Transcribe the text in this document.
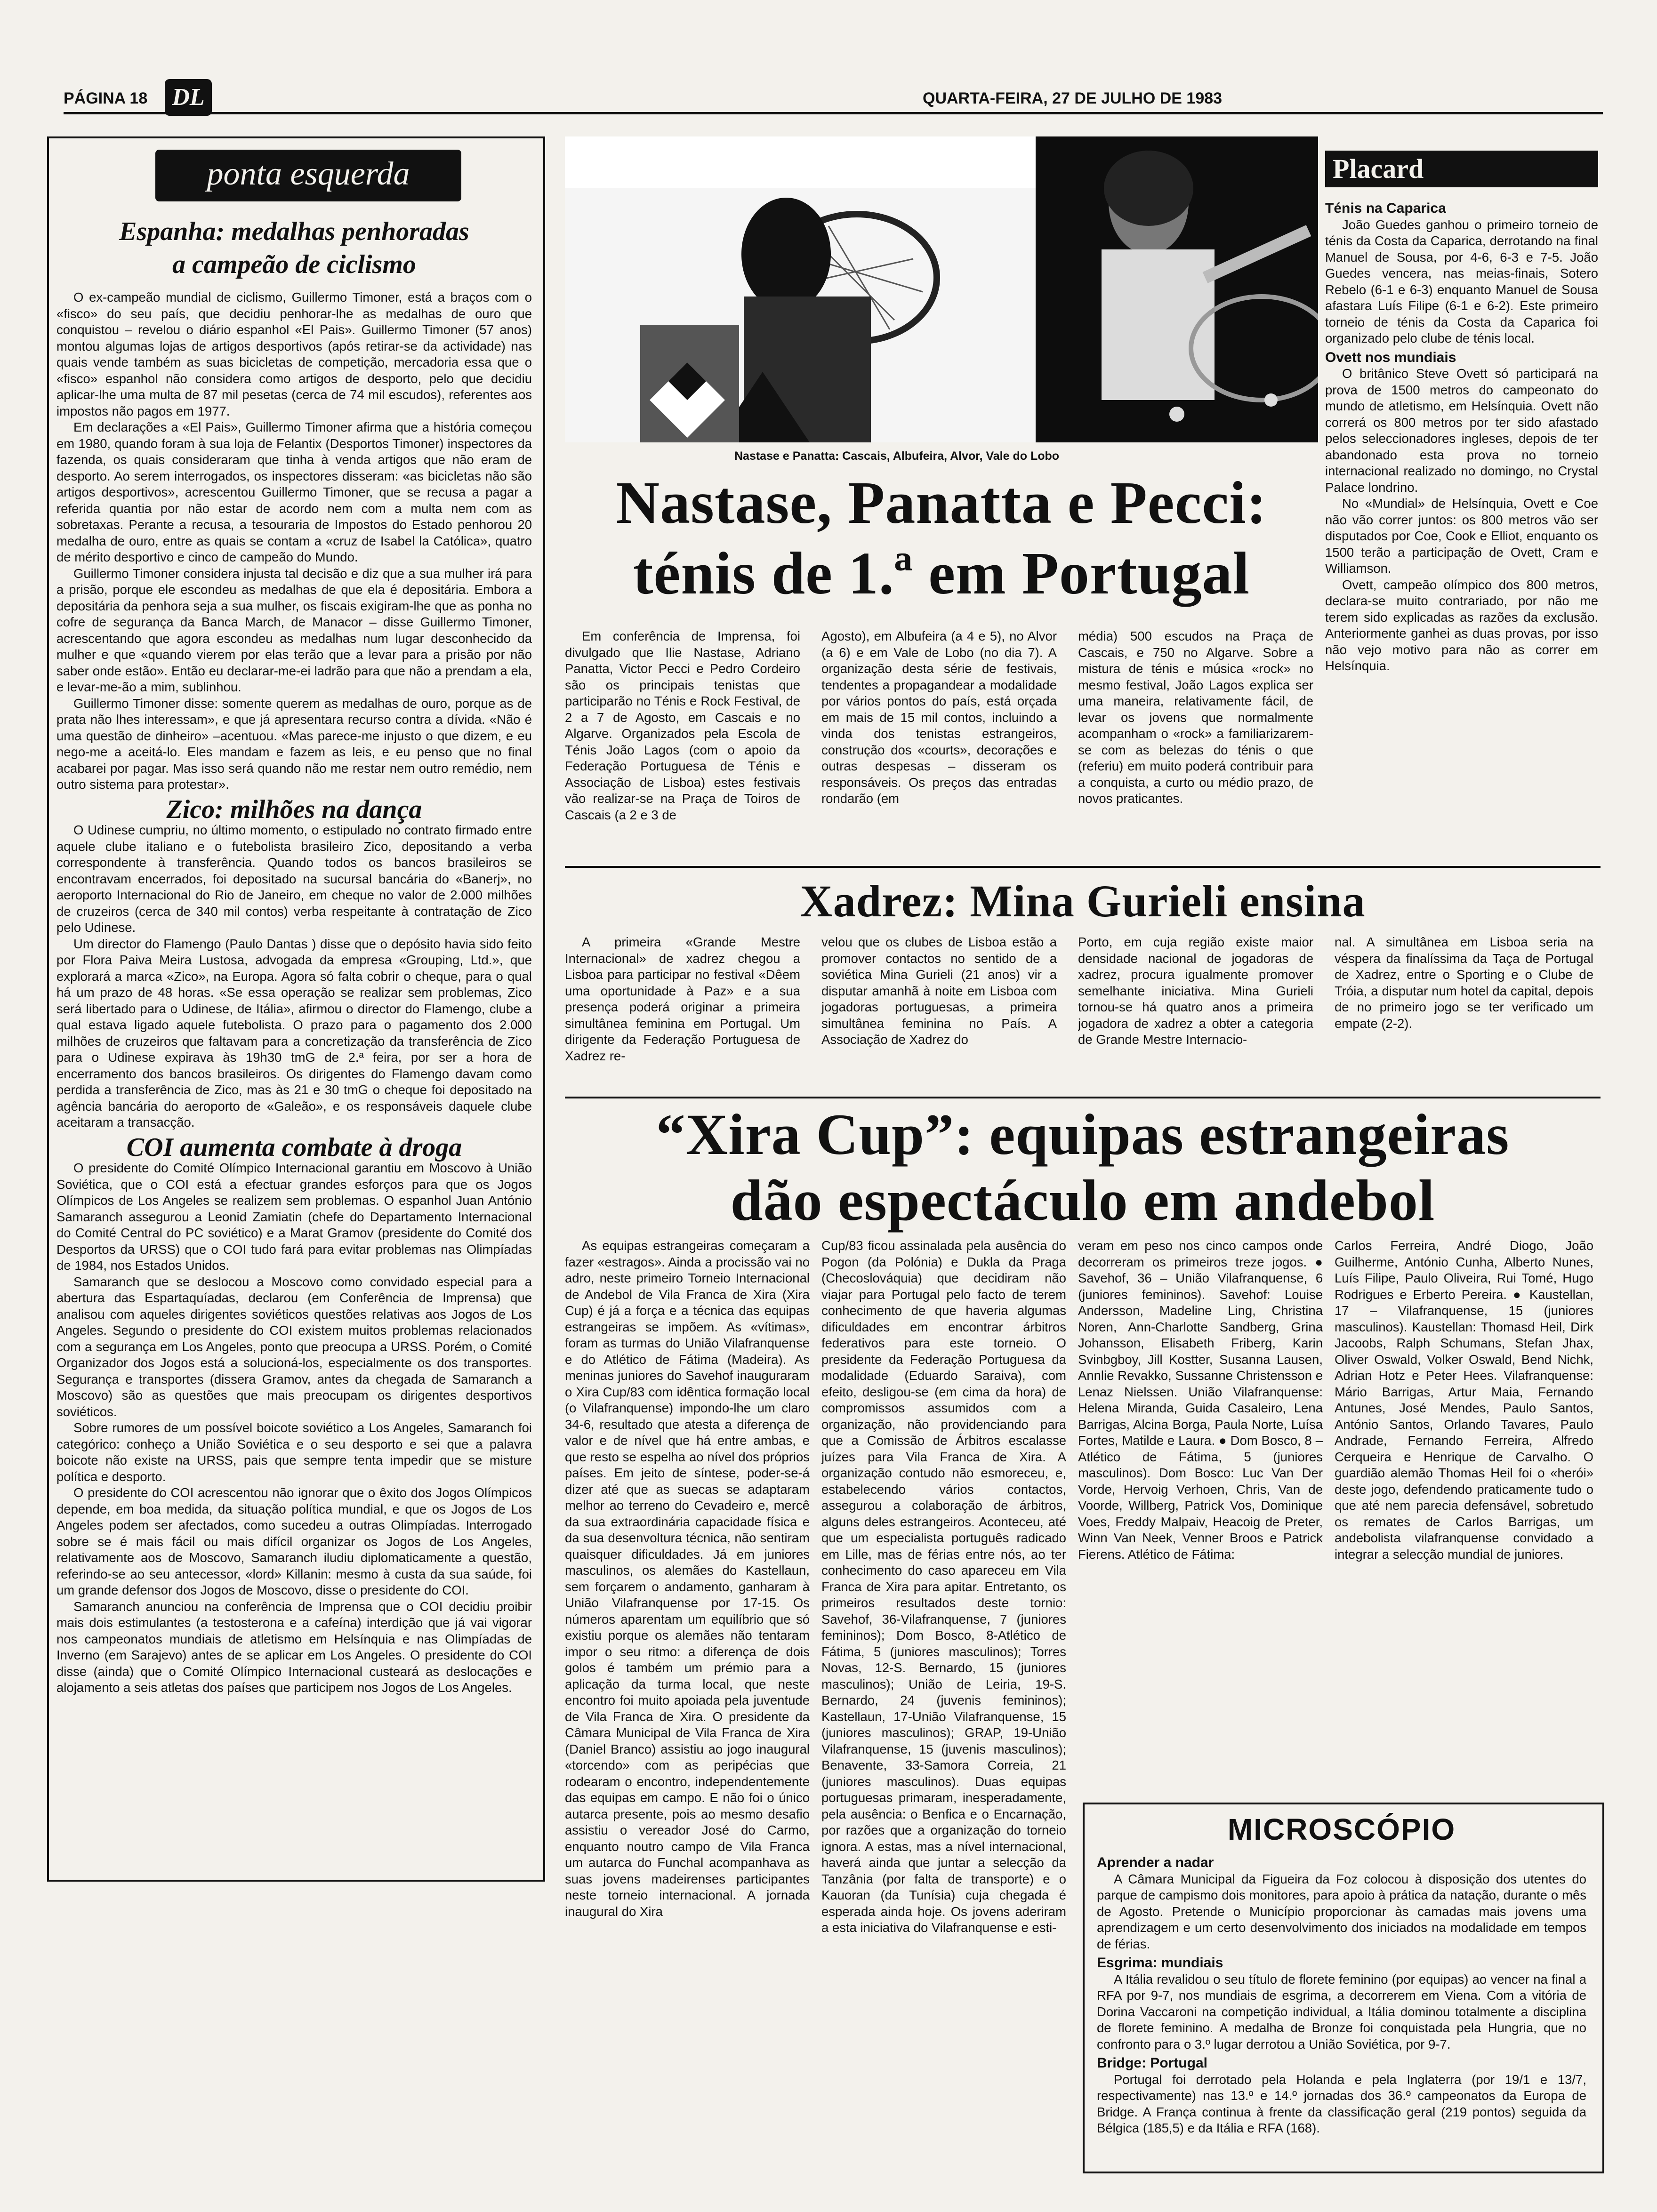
PÁGINA 18 DL	QUARTA-FEIRA, 27 DE JULHO DE 1983
ponta esquerda
Espanha: medalhas penhoradas
a campeão de ciclismo

O ex-campeão mundial de ciclismo, Guillermo Timoner, está a braços com o «fisco» do seu país, que decidiu penhorar-lhe as medalhas de ouro que conquistou – revelou o diário espanhol «El Pais». Guillermo Timoner (57 anos) montou algumas lojas de artigos desportivos (após retirar-se da actividade) nas quais vende também as suas bicicletas de competição, mercadoria essa que o «fisco» espanhol não considera como artigos de desporto, pelo que decidiu aplicar-lhe uma multa de 87 mil pesetas (cerca de 74 mil escudos), referentes aos impostos não pagos em 1977.

Em declarações a «El Pais», Guillermo Timoner afirma que a história começou em 1980, quando foram à sua loja de Felantix (Desportos Timoner) inspectores da fazenda, os quais consideraram que tinha à venda artigos que não eram de desporto. Ao serem interrogados, os inspectores disseram: «as bicicletas não são artigos desportivos», acrescentou Guillermo Timoner, que se recusa a pagar a referida quantia por não estar de acordo nem com a multa nem com as sobretaxas. Perante a recusa, a tesouraria de Impostos do Estado penhorou 20 medalha de ouro, entre as quais se contam a «cruz de Isabel la Católica», quatro de mérito desportivo e cinco de campeão do Mundo.

Guillermo Timoner considera injusta tal decisão e diz que a sua mulher irá para a prisão, porque ele escondeu as medalhas de que ela é depositária. Embora a depositária da penhora seja a sua mulher, os fiscais exigiram-lhe que as ponha no cofre de segurança da Banca March, de Manacor – disse Guillermo Timoner, acrescentando que agora escondeu as medalhas num lugar desconhecido da mulher e que «quando vierem por elas terão que a levar para a prisão por não saber onde estão». Então eu declarar-me-ei ladrão para que não a prendam a ela, e levar-me-ão a mim, sublinhou.

Guillermo Timoner disse: somente querem as medalhas de ouro, porque as de prata não lhes interessam», e que já apresentara recurso contra a dívida. «Não é uma questão de dinheiro» –acentuou. «Mas parece-me injusto o que dizem, e eu nego-me a aceitá-lo. Eles mandam e fazem as leis, e eu penso que no final acabarei por pagar. Mas isso será quando não me restar nem outro remédio, nem outro sistema para protestar».

Zico: milhões na dança

O Udinese cumpriu, no último momento, o estipulado no contrato firmado entre aquele clube italiano e o futebolista brasileiro Zico, depositando a verba correspondente à transferência. Quando todos os bancos brasileiros se encontravam encerrados, foi depositado na sucursal bancária do «Banerj», no aeroporto Internacional do Rio de Janeiro, em cheque no valor de 2.000 milhões de cruzeiros (cerca de 340 mil contos) verba respeitante à contratação de Zico pelo Udinese.

Um director do Flamengo (Paulo Dantas ) disse que o depósito havia sido feito por Flora Paiva Meira Lustosa, advogada da empresa «Grouping, Ltd.», que explorará a marca «Zico», na Europa. Agora só falta cobrir o cheque, para o qual há um prazo de 48 horas. «Se essa operação se realizar sem problemas, Zico será libertado para o Udinese, de Itália», afirmou o director do Flamengo, clube a qual estava ligado aquele futebolista. O prazo para o pagamento dos 2.000 milhões de cruzeiros que faltavam para a concretização da transferência de Zico para o Udinese expirava às 19h30 tmG de 2.ª feira, por ser a hora de encerramento dos bancos brasileiros. Os dirigentes do Flamengo davam como perdida a transferência de Zico, mas às 21 e 30 tmG o cheque foi depositado na agência bancária do aeroporto de «Galeão», e os responsáveis daquele clube aceitaram a transacção.

COI aumenta combate à droga

O presidente do Comité Olímpico Internacional garantiu em Moscovo à União Soviética, que o COI está a efectuar grandes esforços para que os Jogos Olímpicos de Los Angeles se realizem sem problemas. O espanhol Juan António Samaranch assegurou a Leonid Zamiatin (chefe do Departamento Internacional do Comité Central do PC soviético) e a Marat Gramov (presidente do Comité dos Desportos da URSS) que o COI tudo fará para evitar problemas nas Olimpíadas de 1984, nos Estados Unidos.

Samaranch que se deslocou a Moscovo como convidado especial para a abertura das Espartaquíadas, declarou (em Conferência de Imprensa) que analisou com aqueles dirigentes soviéticos questões relativas aos Jogos de Los Angeles. Segundo o presidente do COI existem muitos problemas relacionados com a segurança em Los Angeles, ponto que preocupa a URSS. Porém, o Comité Organizador dos Jogos está a solucioná-los, especialmente os dos transportes. Segurança e transportes (dissera Gramov, antes da chegada de Samaranch a Moscovo) são as questões que mais preocupam os dirigentes desportivos soviéticos.

Sobre rumores de um possível boicote soviético a Los Angeles, Samaranch foi categórico: conheço a União Soviética e o seu desporto e sei que a palavra boicote não existe na URSS, pais que sempre tenta impedir que se misture política e desporto.

O presidente do COI acrescentou não ignorar que o êxito dos Jogos Olímpicos depende, em boa medida, da situação política mundial, e que os Jogos de Los Angeles podem ser afectados, como sucedeu a outras Olimpíadas. Interrogado sobre se é mais fácil ou mais difícil organizar os Jogos de Los Angeles, relativamente aos de Moscovo, Samaranch iludiu diplomaticamente a questão, referindo-se ao seu antecessor, «lord» Killanin: mesmo à custa da sua saúde, foi um grande defensor dos Jogos de Moscovo, disse o presidente do COI.

Samaranch anunciou na conferência de Imprensa que o COI decidiu proibir mais dois estimulantes (a testosterona e a cafeína) interdição que já vai vigorar nos campeonatos mundiais de atletismo em Helsínquia e nas Olimpíadas de Inverno (em Sarajevo) antes de se aplicar em Los Angeles. O presidente do COI disse (ainda) que o Comité Olímpico Internacional custeará as deslocações e alojamento a seis atletas dos países que participem nos Jogos de Los Angeles.

Nastase e Panatta: Cascais, Albufeira, Alvor, Vale do Lobo
Nastase, Panatta e Pecci:
ténis de 1.ª em Portugal

Em conferência de Imprensa, foi divulgado que Ilie Nastase, Adriano Panatta, Victor Pecci e Pedro Cordeiro são os principais tenistas que participarão no Ténis e Rock Festival, de 2 a 7 de Agosto, em Cascais e no Algarve. Organizados pela Escola de Ténis João Lagos (com o apoio da Federação Portuguesa de Ténis e Associação de Lisboa) estes festivais vão realizar-se na Praça de Toiros de Cascais (a 2 e 3 de

Agosto), em Albufeira (a 4 e 5), no Alvor (a 6) e em Vale de Lobo (no dia 7). A organização desta série de festivais, tendentes a propagandear a modalidade por vários pontos do país, está orçada em mais de 15 mil contos, incluindo a vinda dos tenistas estrangeiros, construção dos «courts», decorações e outras despesas – disseram os responsáveis. Os preços das entradas rondarão (em

média) 500 escudos na Praça de Cascais, e 750 no Algarve. Sobre a mistura de ténis e música «rock» no mesmo festival, João Lagos explica ser uma maneira, relativamente fácil, de levar os jovens que normalmente acompanham o «rock» a familiarizarem-se com as belezas do ténis o que (referiu) em muito poderá contribuir para a conquista, a curto ou médio prazo, de novos praticantes.

Placard
Ténis na Caparica

João Guedes ganhou o primeiro torneio de ténis da Costa da Caparica, derrotando na final Manuel de Sousa, por 4-6, 6-3 e 7-5. João Guedes vencera, nas meias-finais, Sotero Rebelo (6-1 e 6-3) enquanto Manuel de Sousa afastara Luís Filipe (6-1 e 6-2). Este primeiro torneio de ténis da Costa da Caparica foi organizado pelo clube de ténis local.

Ovett nos mundiais

O britânico Steve Ovett só participará na prova de 1500 metros do campeonato do mundo de atletismo, em Helsínquia. Ovett não correrá os 800 metros por ter sido afastado pelos seleccionadores ingleses, depois de ter abandonado esta prova no torneio internacional realizado no domingo, no Crystal Palace londrino.

No «Mundial» de Helsínquia, Ovett e Coe não vão correr juntos: os 800 metros vão ser disputados por Coe, Cook e Elliot, enquanto os 1500 terão a participação de Ovett, Cram e Williamson.

Ovett, campeão olímpico dos 800 metros, declara-se muito contrariado, por não me terem sido explicadas as razões da exclusão. Anteriormente ganhei as duas provas, por isso não vejo motivo para não as correr em Helsínquia.

Xadrez: Mina Gurieli ensina

A primeira «Grande Mestre Internacional» de xadrez chegou a Lisboa para participar no festival «Dêem uma oportunidade à Paz» e a sua presença poderá originar a primeira simultânea feminina em Portugal. Um dirigente da Federação Portuguesa de Xadrez re-

velou que os clubes de Lisboa estão a promover contactos no sentido de a soviética Mina Gurieli (21 anos) vir a disputar amanhã à noite em Lisboa com jogadoras portuguesas, a primeira simultânea feminina no País. A Associação de Xadrez do

Porto, em cuja região existe maior densidade nacional de jogadoras de xadrez, procura igualmente promover semelhante iniciativa. Mina Gurieli tornou-se há quatro anos a primeira jogadora de xadrez a obter a categoria de Grande Mestre Internacio-

nal. A simultânea em Lisboa seria na véspera da finalíssima da Taça de Portugal de Xadrez, entre o Sporting e o Clube de Tróia, a disputar num hotel da capital, depois de no primeiro jogo se ter verificado um empate (2-2).

“Xira Cup”: equipas estrangeiras
dão espectáculo em andebol

As equipas estrangeiras começaram a fazer «estragos». Ainda a procissão vai no adro, neste primeiro Torneio Internacional de Andebol de Vila Franca de Xira (Xira Cup) é já a força e a técnica das equipas estrangeiras se impõem. As «vítimas», foram as turmas do União Vilafranquense e do Atlético de Fátima (Madeira). As meninas juniores do Savehof inauguraram o Xira Cup/83 com idêntica formação local (o Vilafranquense) impondo-lhe um claro 34-6, resultado que atesta a diferença de valor e de nível que há entre ambas, e que resto se espelha ao nível dos próprios países. Em jeito de síntese, poder-se-á dizer até que as suecas se adaptaram melhor ao terreno do Cevadeiro e, mercê da sua extraordinária capacidade física e da sua desenvoltura técnica, não sentiram quaisquer dificuldades. Já em juniores masculinos, os alemães do Kastellaun, sem forçarem o andamento, ganharam à União Vilafranquense por 17-15. Os números aparentam um equilíbrio que só existiu porque os alemães não tentaram impor o seu ritmo: a diferença de dois golos é também um prémio para a aplicação da turma local, que neste encontro foi muito apoiada pela juventude de Vila Franca de Xira. O presidente da Câmara Municipal de Vila Franca de Xira (Daniel Branco) assistiu ao jogo inaugural «torcendo» com as peripécias que rodearam o encontro, independentemente das equipas em campo. E não foi o único autarca presente, pois ao mesmo desafio assistiu o vereador José do Carmo, enquanto noutro campo de Vila Franca um autarca do Funchal acompanhava as suas jovens madeirenses participantes neste torneio internacional. A jornada inaugural do Xira

Cup/83 ficou assinalada pela ausência do Pogon (da Polónia) e Dukla da Praga (Checoslováquia) que decidiram não viajar para Portugal pelo facto de terem conhecimento de que haveria algumas dificuldades em encontrar árbitros federativos para este torneio. O presidente da Federação Portuguesa da modalidade (Eduardo Saraiva), com efeito, desligou-se (em cima da hora) de compromissos assumidos com a organização, não providenciando para que a Comissão de Árbitros escalasse juízes para Vila Franca de Xira. A organização contudo não esmoreceu, e, estabelecendo vários contactos, assegurou a colaboração de árbitros, alguns deles estrangeiros. Aconteceu, até que um especialista português radicado em Lille, mas de férias entre nós, ao ter conhecimento do caso apareceu em Vila Franca de Xira para apitar. Entretanto, os primeiros resultados deste tornio: Savehof, 36-Vilafranquense, 7 (juniores femininos); Dom Bosco, 8-Atlético de Fátima, 5 (juniores masculinos); Torres Novas, 12-S. Bernardo, 15 (juniores masculinos); União de Leiria, 19-S. Bernardo, 24 (juvenis femininos); Kastellaun, 17-União Vilafranquense, 15 (juniores masculinos); GRAP, 19-União Vilafranquense, 15 (juvenis masculinos); Benavente, 33-Samora Correia, 21 (juniores masculinos). Duas equipas portuguesas primaram, inesperadamente, pela ausência: o Benfica e o Encarnação, por razões que a organização do torneio ignora. A estas, mas a nível internacional, haverá ainda que juntar a selecção da Tanzânia (por falta de transporte) e o Kauoran (da Tunísia) cuja chegada é esperada ainda hoje. Os jovens aderiram a esta iniciativa do Vilafranquense e esti-

veram em peso nos cinco campos onde decorreram os primeiros treze jogos. ● Savehof, 36 – União Vilafranquense, 6 (juniores femininos). Savehof: Louise Andersson, Madeline Ling, Christina Noren, Ann-Charlotte Sandberg, Grina Johansson, Elisabeth Friberg, Karin Svinbgboy, Jill Kostter, Susanna Lausen, Annlie Revakko, Sussanne Christensson e Lenaz Nielssen. União Vilafranquense: Helena Miranda, Guida Casaleiro, Lena Barrigas, Alcina Borga, Paula Norte, Luísa Fortes, Matilde e Laura. ● Dom Bosco, 8 – Atlético de Fátima, 5 (juniores masculinos). Dom Bosco: Luc Van Der Vorde, Hervoig Verhoen, Chris, Van de Voorde, Willberg, Patrick Vos, Dominique Voes, Freddy Malpaiv, Heacoig de Preter, Winn Van Neek, Venner Broos e Patrick Fierens. Atlético de Fátima:

Carlos Ferreira, André Diogo, João Guilherme, António Cunha, Alberto Nunes, Luís Filipe, Paulo Oliveira, Rui Tomé, Hugo Rodrigues e Erberto Pereira. ● Kaustellan, 17 – Vilafranquense, 15 (juniores masculinos). Kaustellan: Thomasd Heil, Dirk Jacoobs, Ralph Schumans, Stefan Jhax, Oliver Oswald, Volker Oswald, Bend Nichk, Adrian Hotz e Peter Hees. Vilafranquense: Mário Barrigas, Artur Maia, Fernando Antunes, José Mendes, Paulo Santos, António Santos, Orlando Tavares, Paulo Andrade, Fernando Ferreira, Alfredo Cerqueira e Henrique de Carvalho. O guardião alemão Thomas Heil foi o «herói» deste jogo, defendendo praticamente tudo o que até nem parecia defensável, sobretudo os remates de Carlos Barrigas, um andebolista vilafranquense convidado a integrar a selecção mundial de juniores.

MICROSCÓPIO
Aprender a nadar

A Câmara Municipal da Figueira da Foz colocou à disposição dos utentes do parque de campismo dois monitores, para apoio à prática da natação, durante o mês de Agosto. Pretende o Município proporcionar às camadas mais jovens uma aprendizagem e um certo desenvolvimento dos iniciados na modalidade em tempos de férias.

Esgrima: mundiais

A Itália revalidou o seu título de florete feminino (por equipas) ao vencer na final a RFA por 9-7, nos mundiais de esgrima, a decorrerem em Viena. Com a vitória de Dorina Vaccaroni na competição individual, a Itália dominou totalmente a disciplina de florete feminino. A medalha de Bronze foi conquistada pela Hungria, que no confronto para o 3.º lugar derrotou a União Soviética, por 9-7.

Bridge: Portugal

Portugal foi derrotado pela Holanda e pela Inglaterra (por 19/1 e 13/7, respectivamente) nas 13.º e 14.º jornadas dos 36.º campeonatos da Europa de Bridge. A França continua à frente da classificação geral (219 pontos) seguida da Bélgica (185,5) e da Itália e RFA (168).
